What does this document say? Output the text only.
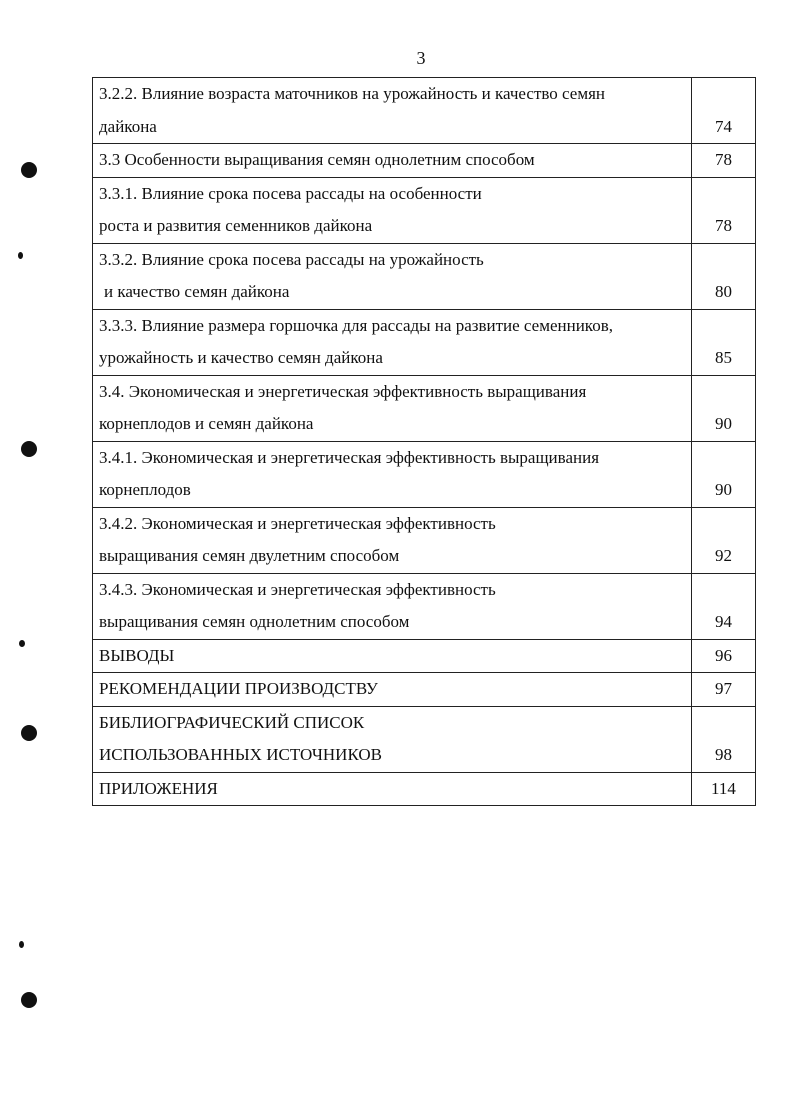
3
3.2.2. Влияние возраста маточников на урожайность и качество семян
дайкона	74

3.3 Особенности выращивания семян однолетним способом	78

3.3.1. Влияние срока посева рассады на особенности
роста и развития семенников дайкона	78

3.3.2. Влияние срока посева рассады на урожайность
и качество семян дайкона	80

3.3.3. Влияние размера горшочка для рассады на развитие семенников,
урожайность и качество семян дайкона	85

3.4. Экономическая и энергетическая эффективность выращивания
корнеплодов и семян дайкона	90

3.4.1. Экономическая и энергетическая эффективность выращивания
корнеплодов	90

3.4.2. Экономическая и энергетическая эффективность
выращивания семян двулетним способом	92

3.4.3. Экономическая и энергетическая эффективность
выращивания семян однолетним способом	94

ВЫВОДЫ	96

РЕКОМЕНДАЦИИ ПРОИЗВОДСТВУ	97

БИБЛИОГРАФИЧЕСКИЙ СПИСОК
ИСПОЛЬЗОВАННЫХ ИСТОЧНИКОВ	98

ПРИЛОЖЕНИЯ	114
